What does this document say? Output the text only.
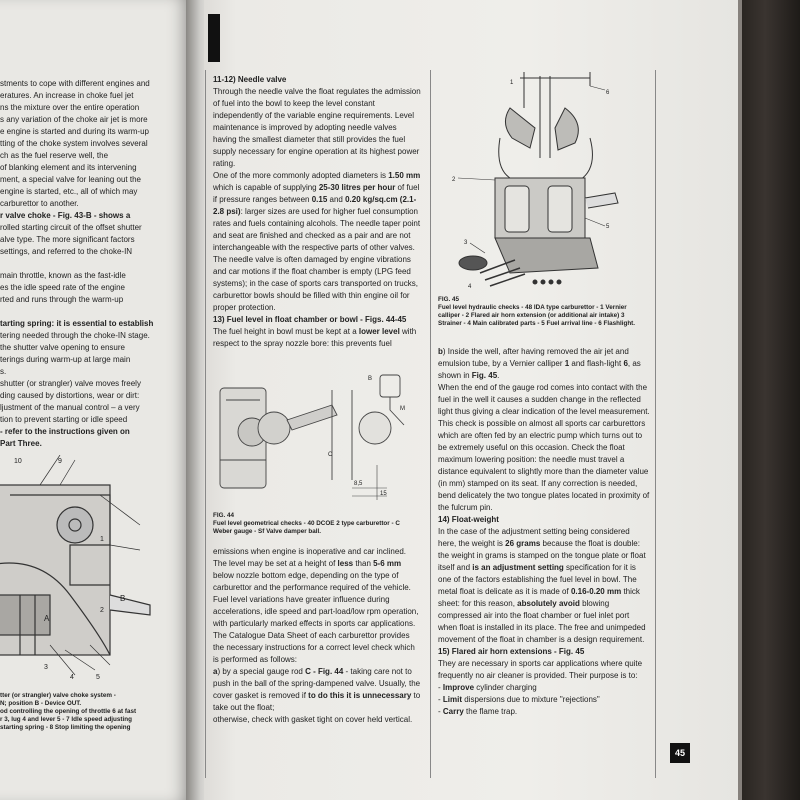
stments to cope with different engines and

eratures. An increase in choke fuel jet

ns the mixture over the entire operation

s any variation of the choke air jet is more

e engine is started and during its warm-up

tting of the choke system involves several

ch as the fuel reserve well, the

of blanking element and its intervening

ment, a special valve for leaning out the

engine is started, etc., all of which may

carburettor to another.

r valve choke - Fig. 43-B - shows a

rolled starting circuit of the offset shutter

alve type. The more significant factors

settings, and referred to the choke-IN

main throttle, known as the fast-idle

es the idle speed rate of the engine

rted and runs through the warm-up

tarting spring: it is essential to establish

tering needed through the choke-IN stage.

the shutter valve opening to ensure

terings during warm-up at large main

s.

shutter (or strangler) valve moves freely

ding caused by distortions, wear or dirt:

ljustment of the manual control – a very

tion to prevent starting or idle speed

- refer to the instructions given on

Part Three.

10	9
1
2
B
A
3
4	5
tter (or strangler) valve choke system -
N; position B - Device OUT.
od controlling the opening of throttle 6 at fast
r 3, lug 4 and lever 5 - 7 Idle speed adjusting
starting spring - 8 Stop limiting the opening

11-12) Needle valve

Through the needle valve the float regulates the admission of fuel into the bowl to keep the level constant independently of the variable engine requirements. Level maintenance is improved by adopting needle valves having the smallest diameter that still provides the fuel supply necessary for engine operation at its highest power rating.

One of the more commonly adopted diameters is 1.50 mm which is capable of supplying 25-30 litres per hour of fuel if pressure ranges between 0.15 and 0.20 kg/sq.cm (2.1-2.8 psi): larger sizes are used for higher fuel consumption rates and fuels containing alcohols. The needle taper point and seat are finished and checked as a pair and are not interchangeable with the respective parts of other valves. The needle valve is often damaged by engine vibrations and car motions if the float chamber is empty (LPG feed systems); in the case of sports cars transported on trucks, carburettor bowls should be filled with thin engine oil for proper protection.

13) Fuel level in float chamber or bowl - Figs. 44-45

The fuel height in bowl must be kept at a lower level with respect to the spray nozzle bore: this prevents fuel

M
C
B
8,5
15
FIG. 44
Fuel level geometrical checks - 40 DCOE 2 type carburettor - C Weber gauge - Sf Valve damper ball.

emissions when engine is inoperative and car inclined. The level may be set at a height of less than 5-6 mm below nozzle bottom edge, depending on the type of carburettor and the performance required of the vehicle. Fuel level variations have greater influence during accelerations, idle speed and part-load/low rpm operation, with particularly marked effects in sports car applications. The Catalogue Data Sheet of each carburettor provides the necessary instructions for a correct level check which is performed as follows:

a) by a special gauge rod C - Fig. 44 - taking care not to push in the ball of the spring-dampened valve. Usually, the cover gasket is removed if to do this it is unnecessary to take out the float;

otherwise, check with gasket tight on cover held vertical.

1
6
2
3
4
5
FIG. 45
Fuel level hydraulic checks - 48 IDA type carburettor - 1 Vernier calliper - 2 Flared air horn extension (or additional air intake) 3 Strainer - 4 Main calibrated parts - 5 Fuel arrival line - 6 Flashlight.

b) Inside the well, after having removed the air jet and emulsion tube, by a Vernier calliper 1 and flash-light 6, as shown in Fig. 45.

When the end of the gauge rod comes into contact with the fuel in the well it causes a sudden change in the reflected light thus giving a clear indication of the level measurement. This check is possible on almost all sports car carburettors which are often fed by an electric pump which turns out to be extremely useful on this occasion. Check the float maximum lowering position: the needle must travel a distance equivalent to slightly more than the diameter value (in mm) stamped on its seat. If any correction is needed, bend delicately the two tongue plates located in proximity of the fulcrum pin.

14) Float-weight

In the case of the adjustment setting being considered here, the weight is 26 grams because the float is double: the weight in grams is stamped on the tongue plate or float itself and is an adjustment setting specification for it is one of the factors establishing the fuel level in bowl. The metal float is delicate as it is made of 0.16-0.20 mm thick sheet: for this reason, absolutely avoid blowing compressed air into the float chamber or fuel inlet port when float is installed in its place. The free and unimpeded movement of the float in chamber is a design requirement.

15) Flared air horn extensions - Fig. 45

They are necessary in sports car applications where quite frequently no air cleaner is provided. Their purpose is to:

- Improve cylinder charging

- Limit dispersions due to mixture "rejections"

- Carry the flame trap.

45
